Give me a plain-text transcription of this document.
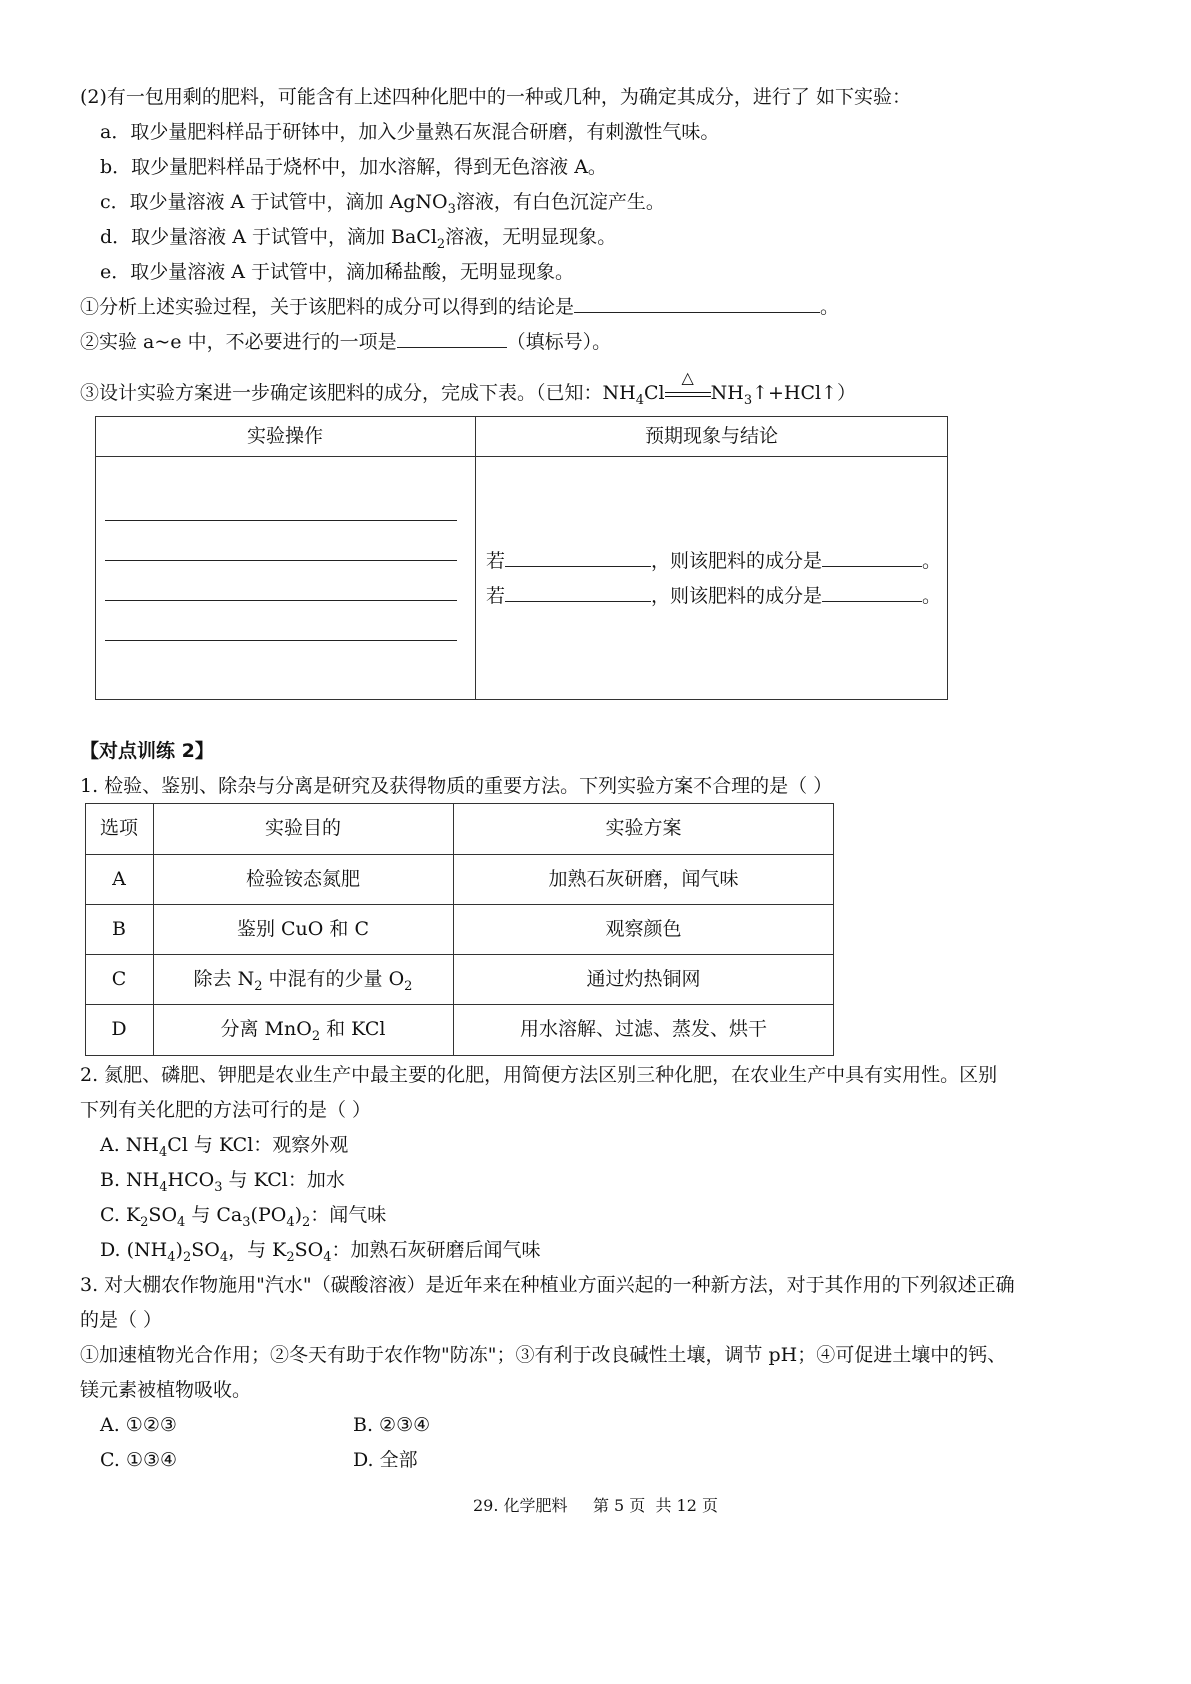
(2)有一包用剩的肥料，可能含有上述四种化肥中的一种或几种，为确定其成分，进行了 如下实验：
a．取少量肥料样品于研钵中，加入少量熟石灰混合研磨，有刺激性气味。
b．取少量肥料样品于烧杯中，加水溶解，得到无色溶液 A。
c．取少量溶液 A 于试管中，滴加 AgNO$_3$溶液，有白色沉淀产生。
d．取少量溶液 A 于试管中，滴加 BaCl$_2$溶液，无明显现象。
e．取少量溶液 A 于试管中，滴加稀盐酸，无明显现象。
①分析上述实验过程，关于该肥料的成分可以得到的结论是	。
②实验 a~e 中，不必要进行的一项是	（填标号）。
③设计实验方案进一步确定该肥料的成分，完成下表。（已知：$NH_4Cl$
△
$NH_3↑+HCl↑$）
实验操作	预期现象与结论
若	，则该肥料的成分是	。
若	，则该肥料的成分是	。
【对点训练 2】
1. 检验、鉴别、除杂与分离是研究及获得物质的重要方法。下列实验方案不合理的是（ ）
选项	实验目的	实验方案
A	检验铵态氮肥	加熟石灰研磨，闻气味
B	鉴别 CuO 和 C	观察颜色
C	除去 $N_2$ 中混有的少量 $O_2$	通过灼热铜网
D	分离 MnO$_2$ 和 KCl	用水溶解、过滤、蒸发、烘干
2. 氮肥、磷肥、钾肥是农业生产中最主要的化肥，用简便方法区别三种化肥，在农业生产中具有实用性。区别
下列有关化肥的方法可行的是（ ）
A. $NH_4Cl$ 与 KCl：观察外观
B. $NH_4HCO_3$ 与 KCl：加水
C. $K_2SO_4$ 与 $Ca_3(PO_4)_2$：闻气味
D. $(NH_4)_2SO_4$，与 $K_2SO_4$：加熟石灰研磨后闻气味
3. 对大棚农作物施用"汽水"（碳酸溶液）是近年来在种植业方面兴起的一种新方法，对于其作用的下列叙述正确
的是（ ）
①加速植物光合作用；②冬天有助于农作物"防冻"；③有利于改良碱性土壤，调节 pH；④可促进土壤中的钙、
镁元素被植物吸收。
A. ①②③	B. ②③④
C. ①③④	D. 全部
29. 化学肥料     第 5 页  共 12 页
